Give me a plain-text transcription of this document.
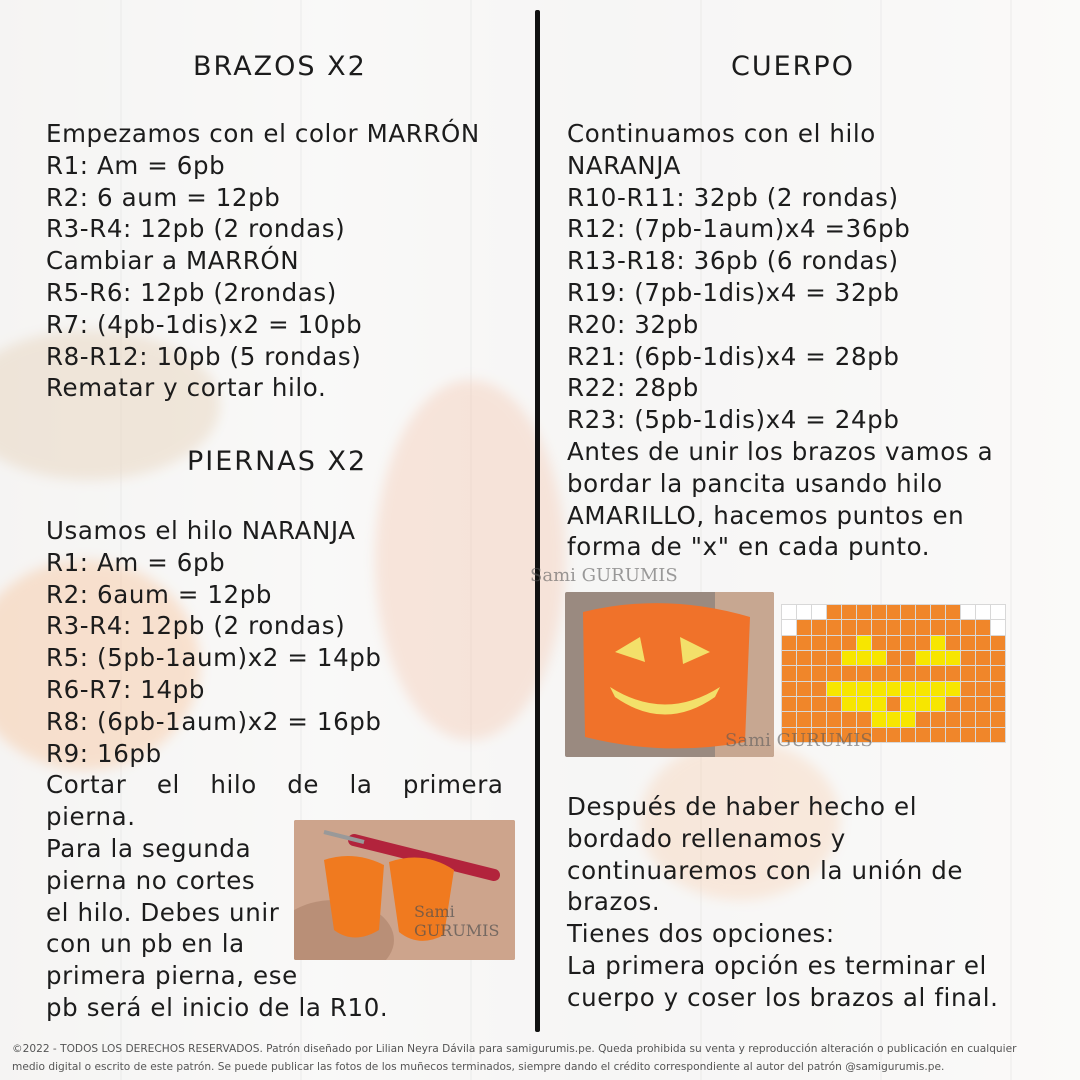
BRAZOS X2
Empezamos con el color MARRÓN
R1: Am = 6pb
R2: 6 aum = 12pb
R3-R4: 12pb (2 rondas)
Cambiar a MARRÓN
R5-R6: 12pb (2rondas)
R7: (4pb-1dis)x2 = 10pb
R8-R12: 10pb (5 rondas)
Rematar y cortar hilo.
PIERNAS X2
Usamos el hilo NARANJA
R1: Am = 6pb
R2: 6aum = 12pb
R3-R4: 12pb (2 rondas)
R5: (5pb-1aum)x2 = 14pb
R6-R7: 14pb
R8: (6pb-1aum)x2 = 16pb
R9: 16pb
Cortar el hilo de la primera
pierna.
Para la segunda
pierna no cortes
el hilo. Debes unir
con un pb en la
primera pierna, ese
pb será el inicio de la R10.
Sami GURUMIS
CUERPO
Continuamos con el hilo
NARANJA
R10-R11: 32pb (2 rondas)
R12: (7pb-1aum)x4 =36pb
R13-R18: 36pb (6 rondas)
R19: (7pb-1dis)x4 = 32pb
R20: 32pb
R21: (6pb-1dis)x4 = 28pb
R22: 28pb
R23: (5pb-1dis)x4 = 24pb
Antes de unir los brazos vamos a
bordar la pancita usando hilo
AMARILLO, hacemos puntos en
forma de "x" en cada punto.
Sami GURUMIS
Sami GURUMIS
Después de haber hecho el
bordado rellenamos y
continuaremos con la unión de
brazos.
Tienes dos opciones:
La primera opción es terminar el
cuerpo y coser los brazos al final.
©2022 - TODOS LOS DERECHOS RESERVADOS. Patrón diseñado por Lilian Neyra Dávila para samigurumis.pe. Queda prohibida su venta y reproducción alteración o publicación en cualquier
medio digital o escrito de este patrón. Se puede publicar las fotos de los muñecos terminados, siempre dando el crédito correspondiente al autor del patrón @samigurumis.pe.
